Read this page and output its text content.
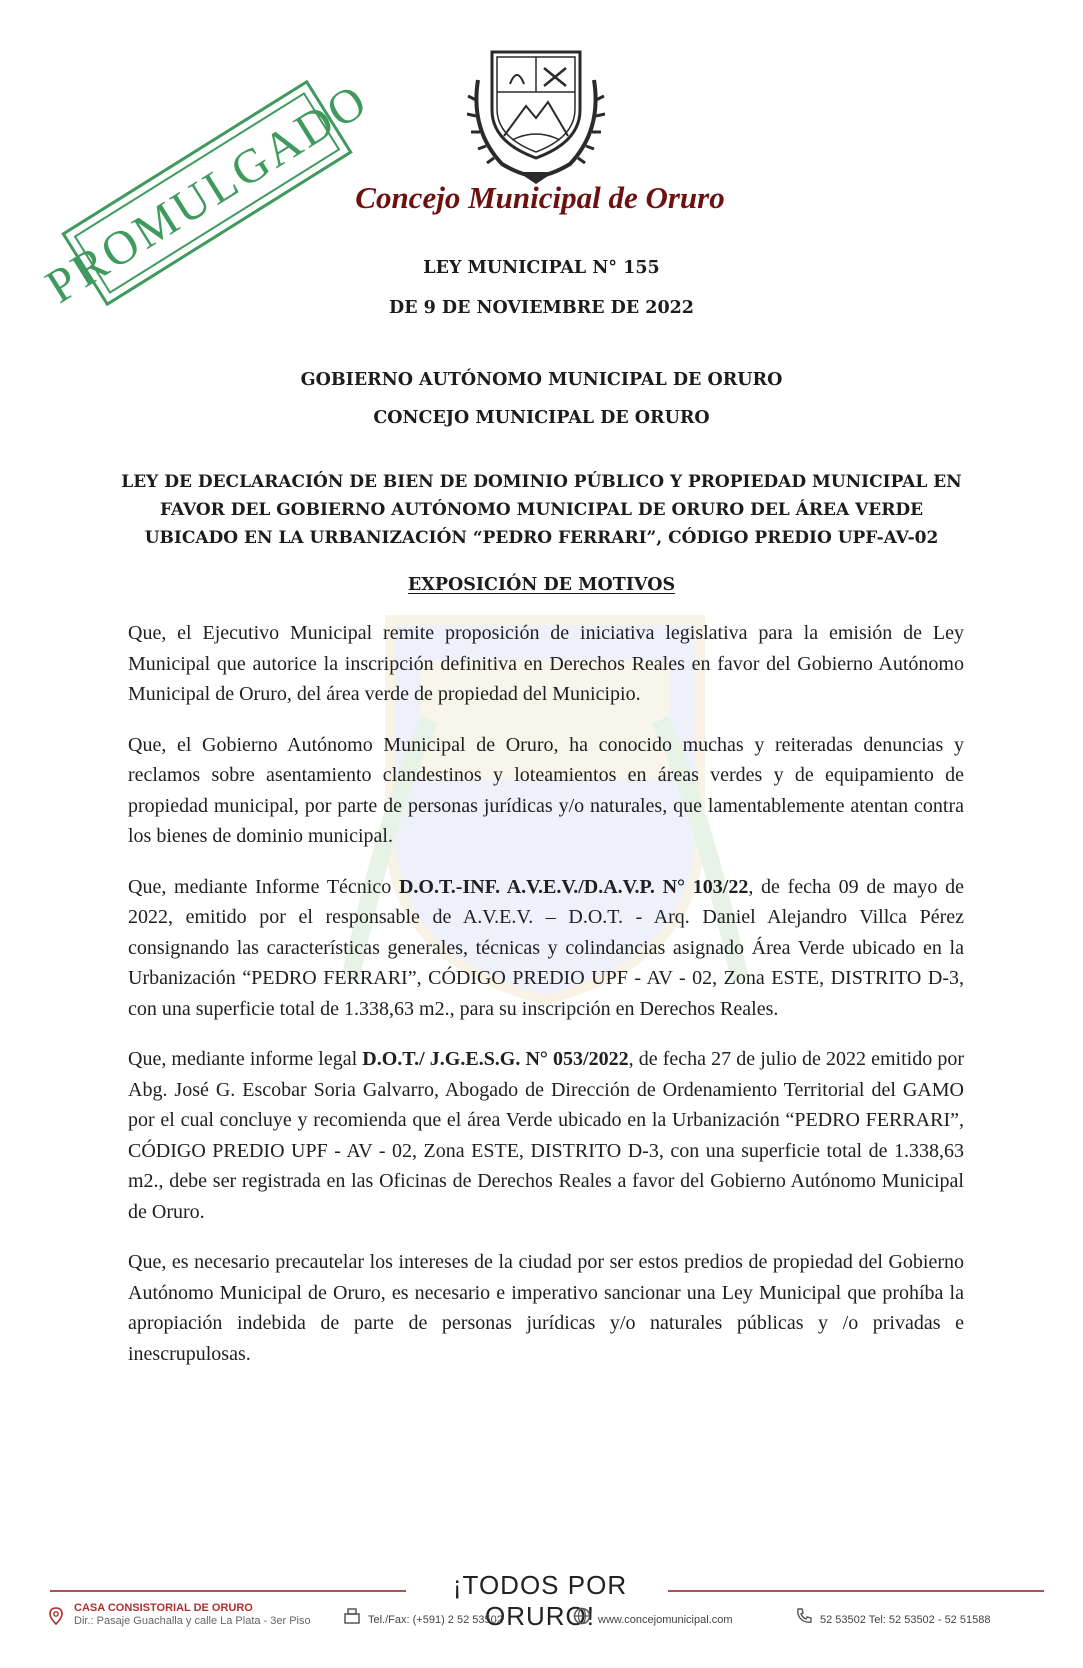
PROMULGADO
Concejo Municipal de Oruro
LEY MUNICIPAL N° 155
DE 9 DE NOVIEMBRE DE 2022
GOBIERNO AUTÓNOMO MUNICIPAL DE ORURO
CONCEJO MUNICIPAL DE ORURO
LEY DE DECLARACIÓN DE BIEN DE DOMINIO PÚBLICO Y PROPIEDAD MUNICIPAL EN
FAVOR DEL GOBIERNO AUTÓNOMO MUNICIPAL DE ORURO DEL ÁREA VERDE
UBICADO EN LA URBANIZACIÓN “PEDRO FERRARI”, CÓDIGO PREDIO UPF-AV-02
EXPOSICIÓN DE MOTIVOS

Que, el Ejecutivo Municipal remite proposición de iniciativa legislativa para la emisión de Ley Municipal que autorice la inscripción definitiva en Derechos Reales en favor del Gobierno Autónomo Municipal de Oruro, del área verde de propiedad del Municipio.

Que, el Gobierno Autónomo Municipal de Oruro, ha conocido muchas y reiteradas denuncias y reclamos sobre asentamiento clandestinos y loteamientos en áreas verdes y de equipamiento de propiedad municipal, por parte de personas jurídicas y/o naturales, que lamentablemente atentan contra los bienes de dominio municipal.

Que, mediante Informe Técnico D.O.T.-INF. A.V.E.V./D.A.V.P. N° 103/22, de fecha 09 de mayo de 2022, emitido por el responsable de A.V.E.V. – D.O.T. - Arq. Daniel Alejandro Villca Pérez consignando las características generales, técnicas y colindancias asignado Área Verde ubicado en la Urbanización “PEDRO FERRARI”, CÓDIGO PREDIO UPF - AV - 02, Zona ESTE, DISTRITO D-3, con una superficie total de 1.338,63 m2., para su inscripción en Derechos Reales.

Que, mediante informe legal D.O.T./ J.G.E.S.G. N° 053/2022, de fecha 27 de julio de 2022 emitido por Abg. José G. Escobar Soria Galvarro, Abogado de Dirección de Ordenamiento Territorial del GAMO por el cual concluye y recomienda que el área Verde ubicado en la Urbanización “PEDRO FERRARI”, CÓDIGO PREDIO UPF - AV - 02, Zona ESTE, DISTRITO D-3, con una superficie total de 1.338,63 m2., debe ser registrada en las Oficinas de Derechos Reales a favor del Gobierno Autónomo Municipal de Oruro.

Que, es necesario precautelar los intereses de la ciudad por ser estos predios de propiedad del Gobierno Autónomo Municipal de Oruro, es necesario e imperativo sancionar una Ley Municipal que prohíba la apropiación indebida de parte de personas jurídicas y/o naturales públicas y /o privadas e inescrupulosas.

¡TODOS POR ORURO!
CASA CONSISTORIAL DE ORURO
Dir.: Pasaje Guachalla y calle La Plata - 3er Piso	Tel./Fax: (+591) 2 52 53502	www.concejomunicipal.com	52 53502 Tel: 52 53502 - 52 51588
